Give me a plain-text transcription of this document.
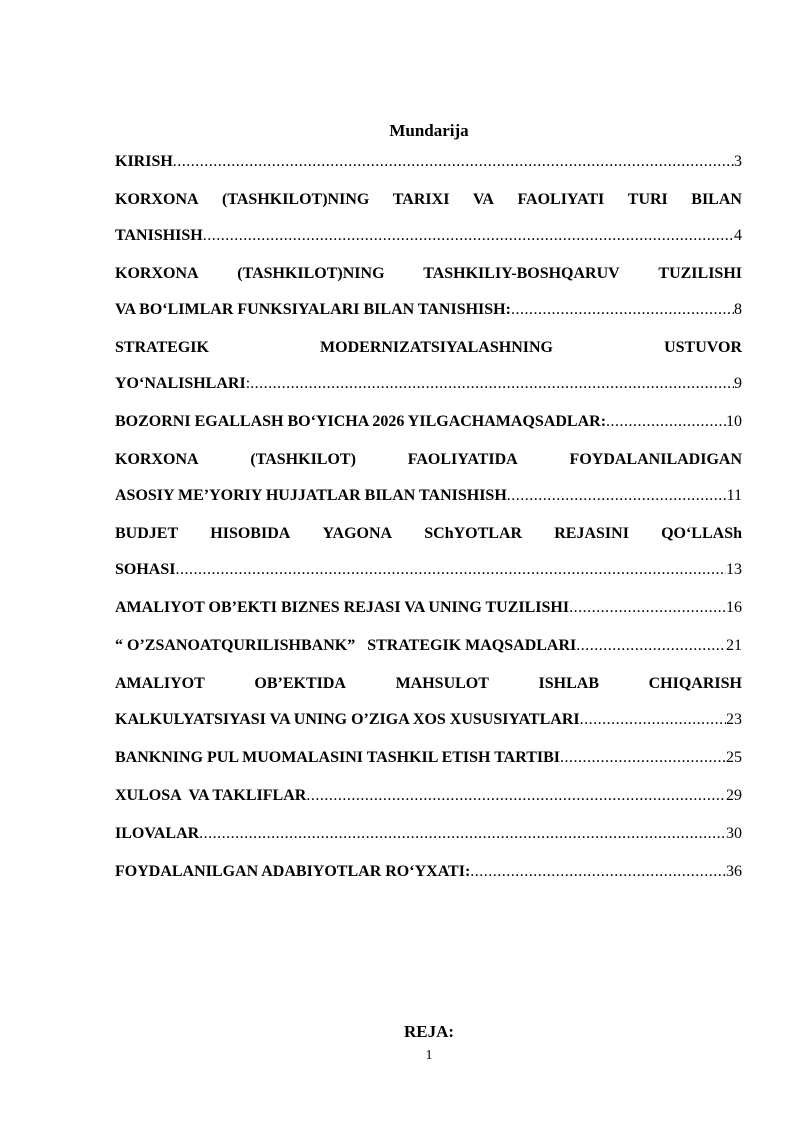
Mundarija
KIRISH .....	3
KORXONA (TASHKILOT)NING TARIXI VA FAOLIYATI TURI BILAN
TANISHISH .....	4
KORXONA (TASHKILOT)NING TASHKILIY-BOSHQARUV TUZILISHI
VA BO‘LIMLAR FUNKSIYALARI BILAN TANISHISH: .....	8
STRATEGIK	MODERNIZATSIYALASHNING	USTUVOR
YO‘NALISHLARI : .....	9
BOZORNI EGALLASH BO‘YICHA 2026 YILGACHAMAQSADLAR: .....	10
KORXONA	(TASHKILOT)	FAOLIYATIDA	FOYDALANILADIGAN
ASOSIY ME’YORIY HUJJATLAR BILAN TANISHISH .....	11
BUDJET HISOBIDA YAGONA SChYOTLAR REJASINI QO‘LLASh
SOHASI .....	13
AMALIYOT OB’EKTI BIZNES REJASI VA UNING TUZILISHI .....	16
“ O’ZSANOATQURILISHBANK”   STRATEGIK MAQSADLARI .....	21
AMALIYOT	OB’EKTIDA	MAHSULOT	ISHLAB	CHIQARISH
KALKULYATSIYASI VA UNING O’ZIGA XOS XUSUSIYATLARI .....	23
BANKNING PUL MUOMALASINI TASHKIL ETISH TARTIBI .....	25
XULOSA  VA TAKLIFLAR .....	29
ILOVALAR .....	30
FOYDALANILGAN ADABIYOTLAR RO‘YXATI: .....	36
REJA:
1
